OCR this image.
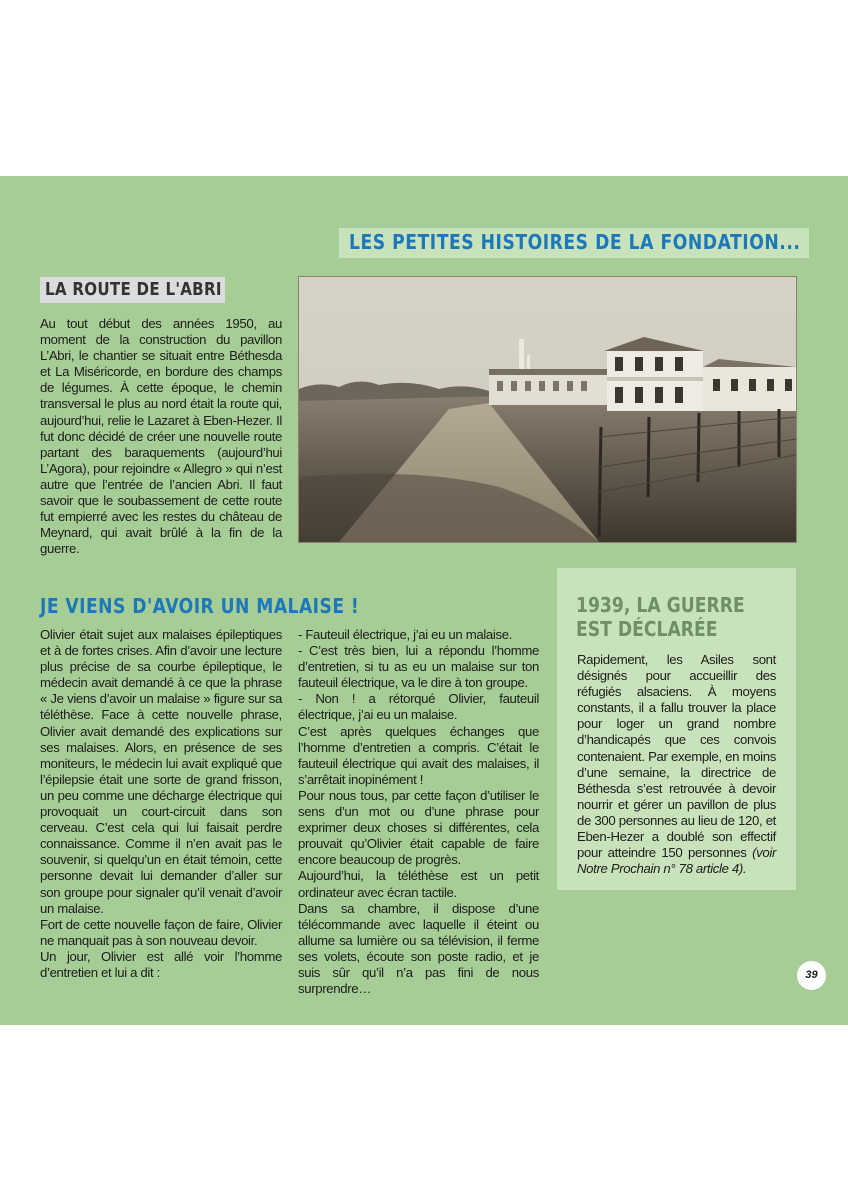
LES PETITES HISTOIRES DE LA FONDATION...
LA ROUTE DE L'ABRI

Au tout début des années 1950, au moment de la construction du pavillon L’Abri, le chantier se situait entre Béthesda et La Miséricorde, en bordure des champs de légumes. À cette époque, le chemin transversal le plus au nord était la route qui, aujourd’hui, relie le Lazaret à Eben-Hezer. Il fut donc décidé de créer une nouvelle route partant des baraquements (aujourd’hui L’Agora), pour rejoindre « Allegro » qui n’est autre que l’entrée de l’ancien Abri. Il faut savoir que le soubassement de cette route fut empierré avec les restes du château de Meynard, qui avait brûlé à la fin de la guerre.

JE VIENS D'AVOIR UN MALAISE !
Olivier était sujet aux malaises épileptiques et à de fortes crises. Afin d’avoir une lecture plus précise de sa courbe épileptique, le médecin avait demandé à ce que la phrase « Je viens d’avoir un malaise » figure sur sa téléthèse. Face à cette nouvelle phrase, Olivier avait demandé des explications sur ses malaises. Alors, en présence de ses moniteurs, le médecin lui avait expliqué que l’épilepsie était une sorte de grand frisson, un peu comme une décharge électrique qui provoquait un court-circuit dans son cerveau. C’est cela qui lui faisait perdre connaissance. Comme il n’en avait pas le souvenir, si quelqu’un en était témoin, cette personne devait lui demander d’aller sur son groupe pour signaler qu’il venait d’avoir un malaise.
Fort de cette nouvelle façon de faire, Olivier ne manquait pas à son nouveau devoir.
Un jour, Olivier est allé voir l’homme d’entretien et lui a dit :
- Fauteuil électrique, j’ai eu un malaise.
- C’est très bien, lui a répondu l’homme d’entretien, si tu as eu un malaise sur ton fauteuil électrique, va le dire à ton groupe.
- Non ! a rétorqué Olivier, fauteuil électrique, j’ai eu un malaise.
C’est après quelques échanges que l’homme d’entretien a compris. C’était le fauteuil électrique qui avait des malaises, il s’arrêtait inopinément !
Pour nous tous, par cette façon d’utiliser le sens d’un mot ou d’une phrase pour exprimer deux choses si différentes, cela prouvait qu’Olivier était capable de faire encore beaucoup de progrès.
Aujourd’hui, la téléthèse est un petit ordinateur avec écran tactile.
Dans sa chambre, il dispose d’une télécommande avec laquelle il éteint ou allume sa lumière ou sa télévision, il ferme ses volets, écoute son poste radio, et je suis sûr qu’il n’a pas fini de nous surprendre…
1939, LA GUERRE
EST DÉCLARÉE

Rapidement, les Asiles sont désignés pour accueillir des réfugiés alsaciens. À moyens constants, il a fallu trouver la place pour loger un grand nombre d’handicapés que ces convois contenaient. Par exemple, en moins d’une semaine, la directrice de Béthesda s’est retrouvée à devoir nourrir et gérer un pavillon de plus de 300 personnes au lieu de 120, et Eben-Hezer a doublé son effectif pour atteindre 150 personnes (voir Notre Prochain n° 78 article 4).

39
